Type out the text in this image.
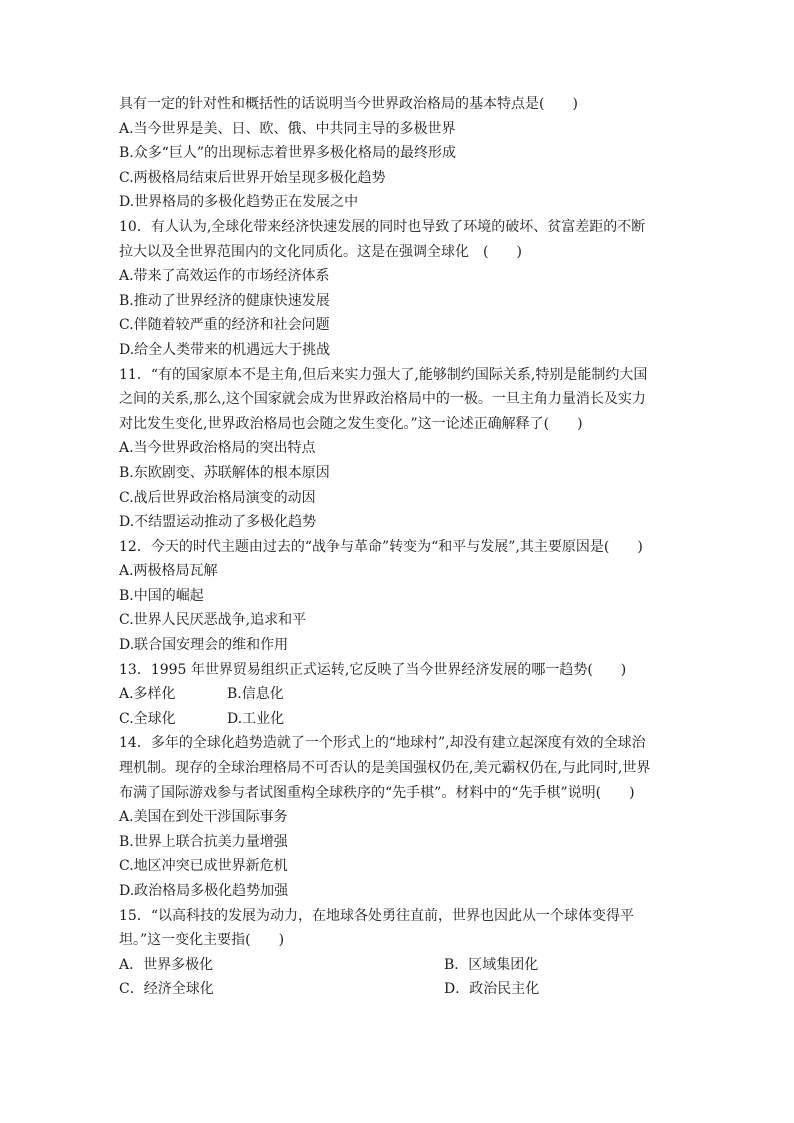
具有一定的针对性和概括性的话说明当今世界政治格局的基本特点是(　　)
A.当今世界是美、日、欧、俄、中共同主导的多极世界
B.众多“巨人”的出现标志着世界多极化格局的最终形成
C.两极格局结束后世界开始呈现多极化趋势
D.世界格局的多极化趋势正在发展之中
10．有人认为,全球化带来经济快速发展的同时也导致了环境的破坏、贫富差距的不断
拉大以及全世界范围内的文化同质化。这是在强调全球化　(　　)
A.带来了高效运作的市场经济体系
B.推动了世界经济的健康快速发展
C.伴随着较严重的经济和社会问题
D.给全人类带来的机遇远大于挑战
11．“有的国家原本不是主角,但后来实力强大了,能够制约国际关系,特别是能制约大国
之间的关系,那么,这个国家就会成为世界政治格局中的一极。一旦主角力量消长及实力
对比发生变化,世界政治格局也会随之发生变化。”这一论述正确解释了(　　)
A.当今世界政治格局的突出特点
B.东欧剧变、苏联解体的根本原因
C.战后世界政治格局演变的动因
D.不结盟运动推动了多极化趋势
12．今天的时代主题由过去的“战争与革命”转变为“和平与发展”,其主要原因是(　　)
A.两极格局瓦解
B.中国的崛起
C.世界人民厌恶战争,追求和平
D.联合国安理会的维和作用
13．1995 年世界贸易组织正式运转,它反映了当今世界经济发展的哪一趋势(　　)
A.多样化	B.信息化
C.全球化	D.工业化
14．多年的全球化趋势造就了一个形式上的“地球村”,却没有建立起深度有效的全球治
理机制。现存的全球治理格局不可否认的是美国强权仍在,美元霸权仍在,与此同时,世界
布满了国际游戏参与者试图重构全球秩序的“先手棋”。材料中的“先手棋”说明(　　)
A.美国在到处干涉国际事务
B.世界上联合抗美力量增强
C.地区冲突已成世界新危机
D.政治格局多极化趋势加强
15．“以高科技的发展为动力，在地球各处勇往直前，世界也因此从一个球体变得平
坦。”这一变化主要指(　　)
A．世界多极化	B．区域集团化
C．经济全球化	D．政治民主化
